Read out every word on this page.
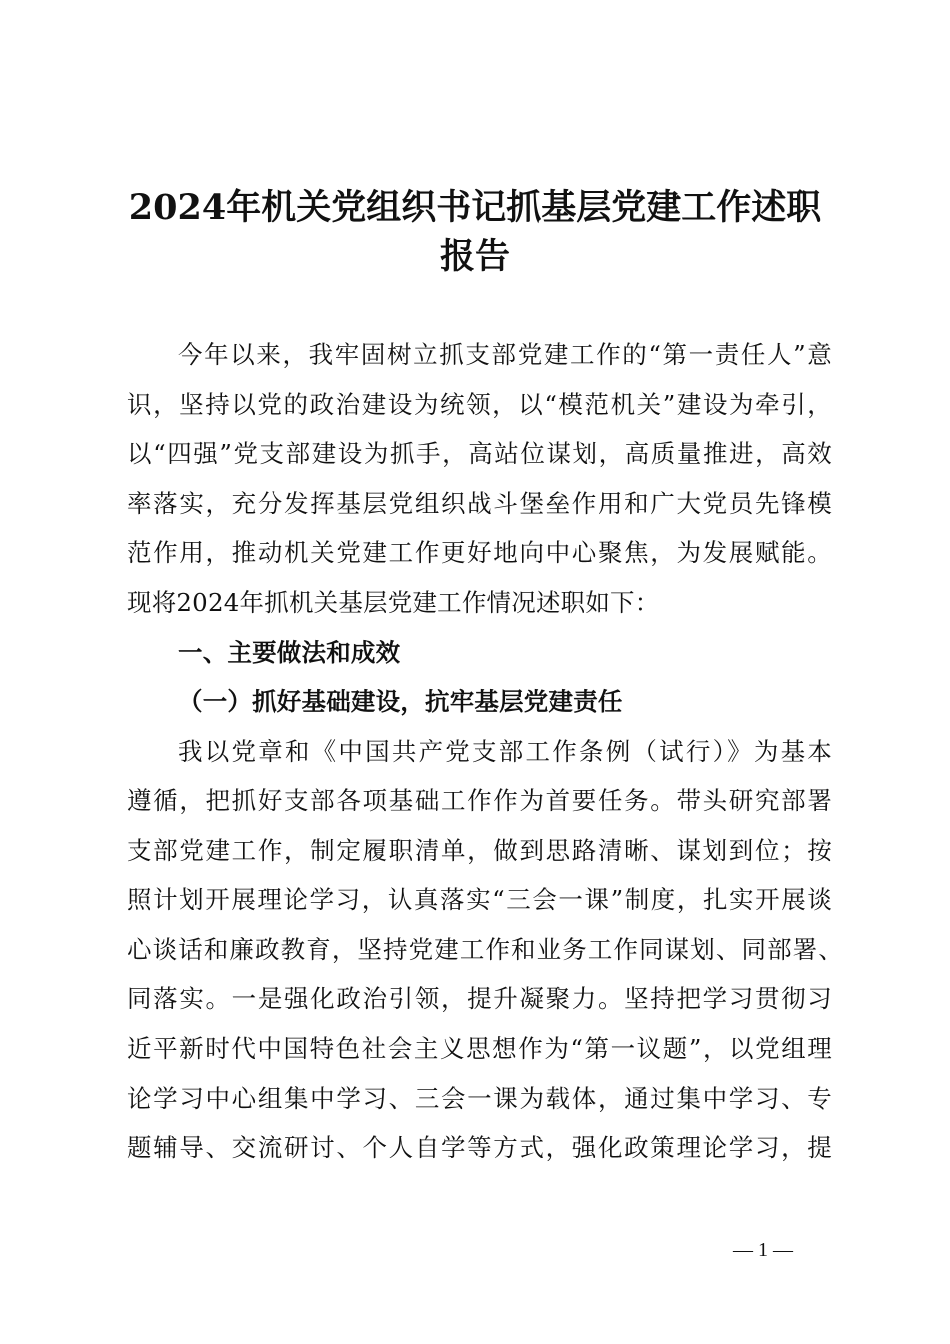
2024年机关党组织书记抓基层党建工作述职
报告

今年以来，我牢固树立抓支部党建工作的“第一责任人”意

识，坚持以党的政治建设为统领，以“模范机关”建设为牵引，

以“四强”党支部建设为抓手，高站位谋划，高质量推进，高效

率落实，充分发挥基层党组织战斗堡垒作用和广大党员先锋模

范作用，推动机关党建工作更好地向中心聚焦，为发展赋能。

现将2024年抓机关基层党建工作情况述职如下：

一、主要做法和成效

（一）抓好基础建设，抗牢基层党建责任

我以党章和《中国共产党支部工作条例（试行）》为基本

遵循，把抓好支部各项基础工作作为首要任务。带头研究部署

支部党建工作，制定履职清单，做到思路清晰、谋划到位；按

照计划开展理论学习，认真落实“三会一课”制度，扎实开展谈

心谈话和廉政教育，坚持党建工作和业务工作同谋划、同部署、

同落实。一是强化政治引领，提升凝聚力。坚持把学习贯彻习

近平新时代中国特色社会主义思想作为“第一议题”，以党组理

论学习中心组集中学习、三会一课为载体，通过集中学习、专

题辅导、交流研讨、个人自学等方式，强化政策理论学习，提

— 1 —
